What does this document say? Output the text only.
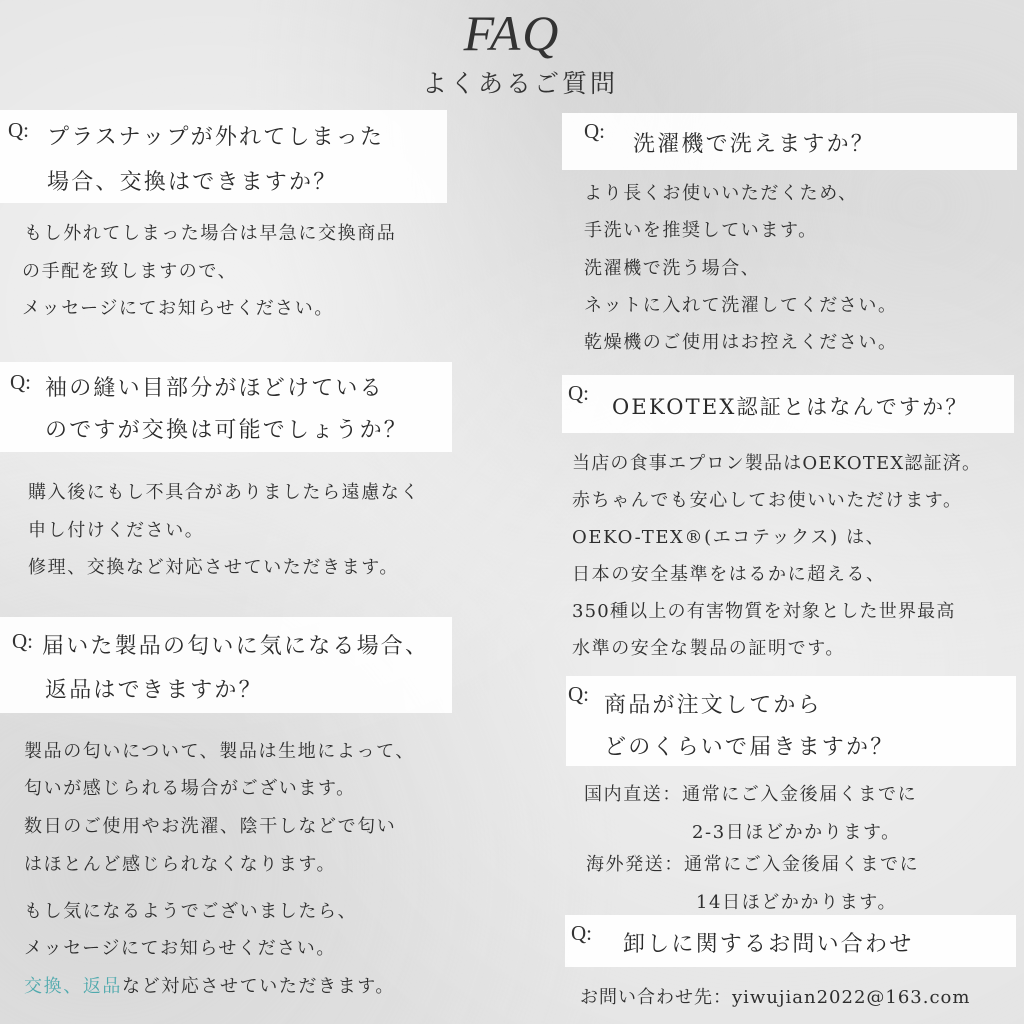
FAQ
よくあるご質問
Q: プラスナップが外れてしまった
場合、交換はできますか？
もし外れてしまった場合は早急に交換商品
の手配を致しますので、
メッセージにてお知らせください。
Q: 袖の縫い目部分がほどけている
のですが交換は可能でしょうか？
購入後にもし不具合がありましたら遠慮なく
申し付けください。
修理、交換など対応させていただきます。
Q: 届いた製品の匂いに気になる場合、
返品はできますか？
製品の匂いについて、製品は生地によって、
匂いが感じられる場合がございます。
数日のご使用やお洗濯、陰干しなどで匂い
はほとんど感じられなくなります。
もし気になるようでございましたら、
メッセージにてお知らせください。
交換、返品など対応させていただきます。
Q:
洗濯機で洗えますか？
より長くお使いいただくため、
手洗いを推奨しています。
洗濯機で洗う場合、
ネットに入れて洗濯してください。
乾燥機のご使用はお控えください。
Q:
OEKOTEX認証とはなんですか？
当店の食事エプロン製品はOEKOTEX認証済。
赤ちゃんでも安心してお使いいただけます。
OEKO-TEX®(エコテックス) は、
日本の安全基準をはるかに超える、
350種以上の有害物質を対象とした世界最高
水準の安全な製品の証明です。
Q: 商品が注文してから
どのくらいで届きますか？
国内直送：通常にご入金後届くまでに
2-3日ほどかかります。
海外発送：通常にご入金後届くまでに
14日ほどかかります。
Q: 卸しに関するお問い合わせ
お問い合わせ先：yiwujian2022@163.com
